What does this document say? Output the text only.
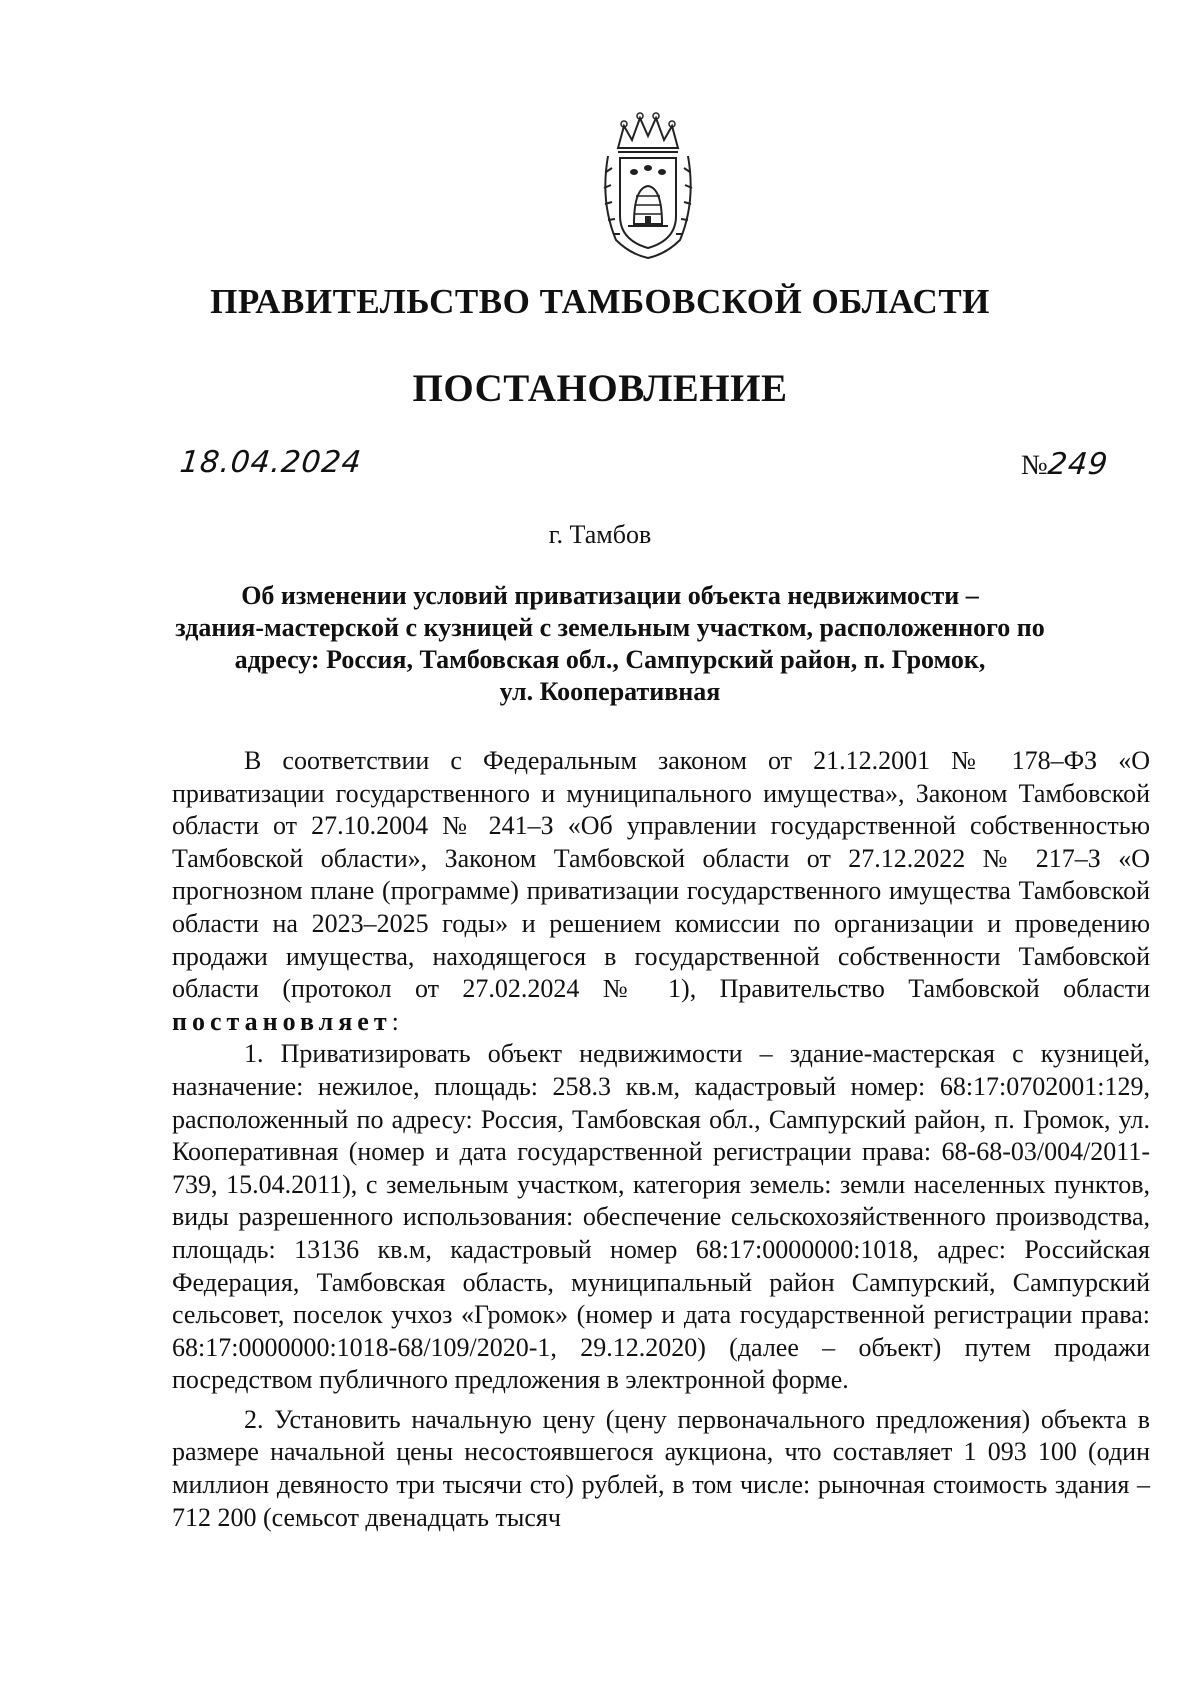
ПРАВИТЕЛЬСТВО ТАМБОВСКОЙ ОБЛАСТИ
ПОСТАНОВЛЕНИЕ
18.04.2024	№249
г. Тамбов
Об изменении условий приватизации объекта недвижимости –
здания-мастерской с кузницей с земельным участком, расположенного по
адресу: Россия, Тамбовская обл., Сампурский район, п. Громок,
ул. Кооперативная

В соответствии с Федеральным законом от 21.12.2001 № 178–ФЗ «О приватизации государственного и муниципального имущества», Законом Тамбовской области от 27.10.2004 № 241–З «Об управлении государственной собственностью Тамбовской области», Законом Тамбовской области от 27.12.2022 № 217–З «О прогнозном плане (программе) приватизации государственного имущества Тамбовской области на 2023–2025 годы» и решением комиссии по организации и проведению продажи имущества, находящегося в государственной собственности Тамбовской области (протокол от 27.02.2024 № 1), Правительство Тамбовской области постановляет:

1. Приватизировать объект недвижимости – здание-мастерская с кузницей, назначение: нежилое, площадь: 258.3 кв.м, кадастровый номер: 68:17:0702001:129, расположенный по адресу: Россия, Тамбовская обл., Сампурский район, п. Громок, ул. Кооперативная (номер и дата государственной регистрации права: 68-68-03/004/2011-739, 15.04.2011), с земельным участком, категория земель: земли населенных пунктов, виды разрешенного использования: обеспечение сельскохозяйственного производства, площадь: 13136 кв.м, кадастровый номер 68:17:0000000:1018, адрес: Российская Федерация, Тамбовская область, муниципальный район Сампурский, Сампурский сельсовет, поселок учхоз «Громок» (номер и дата государственной регистрации права: 68:17:0000000:1018-68/109/2020-1, 29.12.2020) (далее – объект) путем продажи посредством публичного предложения в электронной форме.

2. Установить начальную цену (цену первоначального предложения) объекта в размере начальной цены несостоявшегося аукциона, что составляет 1 093 100 (один миллион девяносто три тысячи сто) рублей, в том числе: рыночная стоимость здания – 712 200 (семьсот двенадцать тысяч
